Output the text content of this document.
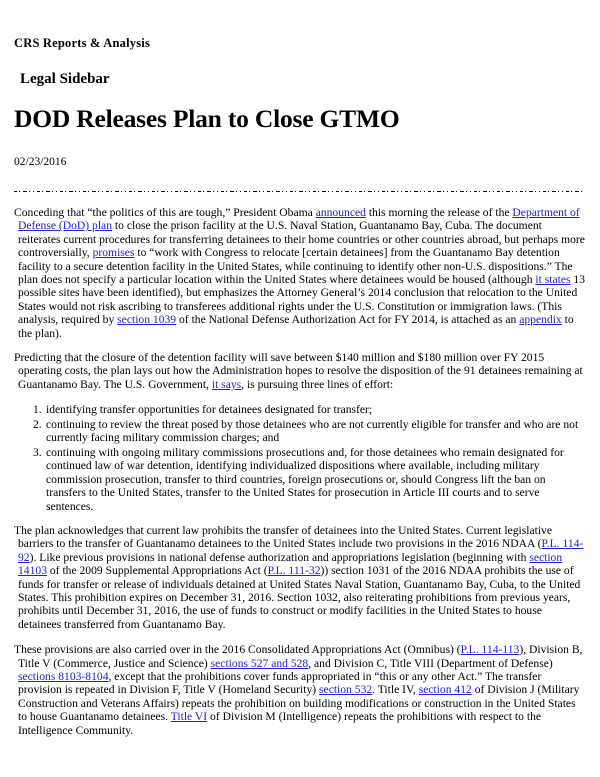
CRS Reports & Analysis
Legal Sidebar
DOD Releases Plan to Close GTMO
02/23/2016

Conceding that “the politics of this are tough,” President Obama announced this morning the release of the Department of Defense (DoD) plan to close the prison facility at the U.S. Naval Station, Guantanamo Bay, Cuba. The document reiterates current procedures for transferring detainees to their home countries or other countries abroad, but perhaps more controversially, promises to “work with Congress to relocate [certain detainees] from the Guantanamo Bay detention facility to a secure detention facility in the United States, while continuing to identify other non-U.S. dispositions.” The plan does not specify a particular location within the United States where detainees would be housed (although it states 13 possible sites have been identified), but emphasizes the Attorney General’s 2014 conclusion that relocation to the United States would not risk ascribing to transferees additional rights under the U.S. Constitution or immigration laws. (This analysis, required by section 1039 of the National Defense Authorization Act for FY 2014, is attached as an appendix to the plan).

Predicting that the closure of the detention facility will save between $140 million and $180 million over FY 2015 operating costs, the plan lays out how the Administration hopes to resolve the disposition of the 91 detainees remaining at Guantanamo Bay. The U.S. Government, it says, is pursuing three lines of effort:

identifying transfer opportunities for detainees designated for transfer;
continuing to review the threat posed by those detainees who are not currently eligible for transfer and who are not currently facing military commission charges; and
continuing with ongoing military commissions prosecutions and, for those detainees who remain designated for continued law of war detention, identifying individualized dispositions where available, including military commission prosecution, transfer to third countries, foreign prosecutions or, should Congress lift the ban on transfers to the United States, transfer to the United States for prosecution in Article III courts and to serve sentences.

The plan acknowledges that current law prohibits the transfer of detainees into the United States. Current legislative barriers to the transfer of Guantanamo detainees to the United States include two provisions in the 2016 NDAA (P.L. 114-92). Like previous provisions in national defense authorization and appropriations legislation (beginning with section 14103 of the 2009 Supplemental Appropriations Act (P.L. 111-32)) section 1031 of the 2016 NDAA prohibits the use of funds for transfer or release of individuals detained at United States Naval Station, Guantanamo Bay, Cuba, to the United States. This prohibition expires on December 31, 2016. Section 1032, also reiterating prohibitions from previous years, prohibits until December 31, 2016, the use of funds to construct or modify facilities in the United States to house detainees transferred from Guantanamo Bay.

These provisions are also carried over in the 2016 Consolidated Appropriations Act (Omnibus) (P.L. 114-113), Division B, Title V (Commerce, Justice and Science) sections 527 and 528, and Division C, Title VIII (Department of Defense) sections 8103-8104, except that the prohibitions cover funds appropriated in “this or any other Act.” The transfer provision is repeated in Division F, Title V (Homeland Security) section 532. Title IV, section 412 of Division J (Military Construction and Veterans Affairs) repeats the prohibition on building modifications or construction in the United States to house Guantanamo detainees. Title VI of Division M (Intelligence) repeats the prohibitions with respect to the Intelligence Community.
